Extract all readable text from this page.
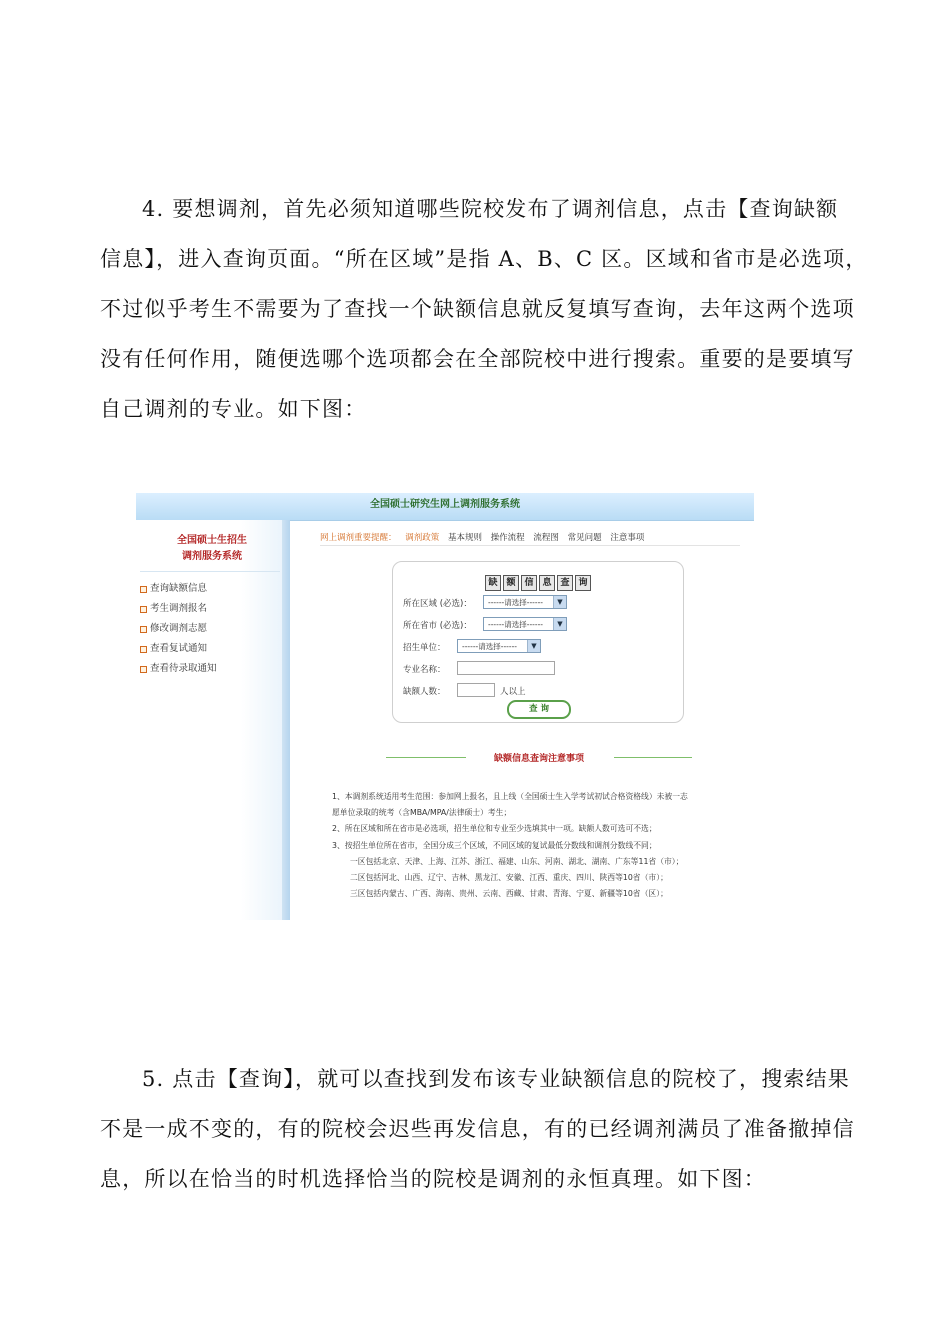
4. 要想调剂，首先必须知道哪些院校发布了调剂信息，点击【查询缺额
信息】，进入查询页面。“所在区域”是指 A、B、C 区。区域和省市是必选项，
不过似乎考生不需要为了查找一个缺额信息就反复填写查询，去年这两个选项
没有任何作用，随便选哪个选项都会在全部院校中进行搜索。重要的是要填写
自己调剂的专业。如下图：
全国硕士研究生网上调剂服务系统
全国硕士生招生
调剂服务系统
查询缺额信息
考生调剂报名
修改调剂志愿
查看复试通知
查看待录取通知
网上调剂重要提醒： 调剂政策 基本规则 操作流程 流程图 常见问题 注意事项
缺 额 信 息 查 询
所在区域 (必选)：	------请选择------	▼
所在省市 (必选)：	------请选择------	▼
招生单位：	------请选择------	▼
专业名称：
缺额人数：	人以上
查 询
缺额信息查询注意事项
1、本调剂系统适用考生范围：参加网上报名，且上线（全国硕士生入学考试初试合格资格线）未被一志
愿单位录取的统考（含MBA/MPA/法律硕士）考生；
2、所在区域和所在省市是必选项，招生单位和专业至少选填其中一项。缺额人数可选可不选；
3、按招生单位所在省市，全国分成三个区域，不同区域的复试最低分数线和调剂分数线不同；
一区包括北京、天津、上海、江苏、浙江、福建、山东、河南、湖北、湖南、广东等11省（市）；
二区包括河北、山西、辽宁、吉林、黑龙江、安徽、江西、重庆、四川、陕西等10省（市）；
三区包括内蒙古、广西、海南、贵州、云南、西藏、甘肃、青海、宁夏、新疆等10省（区）；
5. 点击【查询】，就可以查找到发布该专业缺额信息的院校了，搜索结果
不是一成不变的，有的院校会迟些再发信息，有的已经调剂满员了准备撤掉信
息，所以在恰当的时机选择恰当的院校是调剂的永恒真理。如下图：
